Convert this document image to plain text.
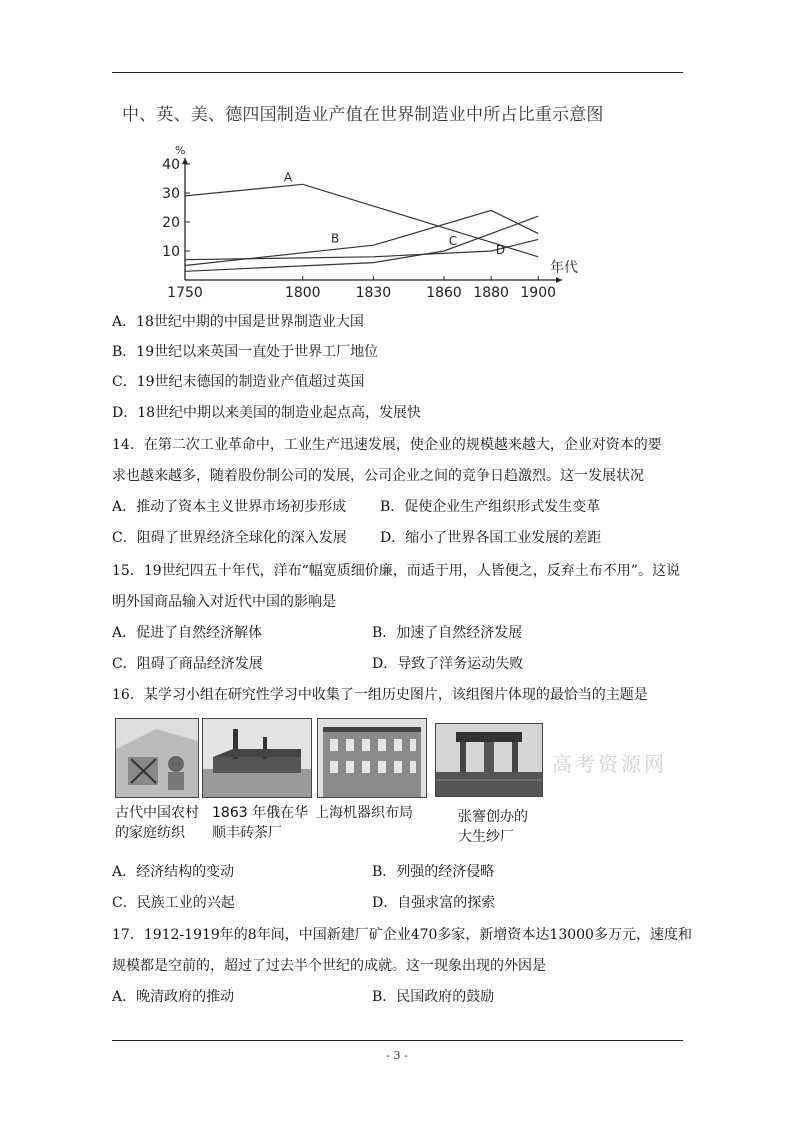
中、英、美、德四国制造业产值在世界制造业中所占比重示意图
%
年代
10
20
30
40
1750	1800	1830	1860 1880 1900
A
B	C
D
A．18世纪中期的中国是世界制造业大国
B．19世纪以来英国一直处于世界工厂地位
C．19世纪末德国的制造业产值超过英国
D．18世纪中期以来美国的制造业起点高，发展快
14．在第二次工业革命中，工业生产迅速发展，使企业的规模越来越大，企业对资本的要
求也越来越多，随着股份制公司的发展，公司企业之间的竞争日趋激烈。这一发展状况
A．推动了资本主义世界市场初步形成 B．促使企业生产组织形式发生变革
C．阻碍了世界经济全球化的深入发展 D．缩小了世界各国工业发展的差距
15．19世纪四五十年代，洋布“幅宽质细价廉，而适于用，人皆便之，反弃土布不用”。这说
明外国商品输入对近代中国的影响是
A．促进了自然经济解体	B．加速了自然经济发展
C．阻碍了商品经济发展	D．导致了洋务运动失败
16．某学习小组在研究性学习中收集了一组历史图片，该组图片体现的最恰当的主题是
古代中国农村
的家庭纺织
1863 年俄在华
顺丰砖茶厂
上海机器织布局	张謇创办的
大生纱厂
高考资源网
A．经济结构的变动	B．列强的经济侵略
C．民族工业的兴起	D．自强求富的探索
17．1912-1919年的8年间，中国新建厂矿企业470多家，新增资本达13000多万元，速度和
规模都是空前的，超过了过去半个世纪的成就。这一现象出现的外因是
A．晚清政府的推动	B．民国政府的鼓励
- 3 -
